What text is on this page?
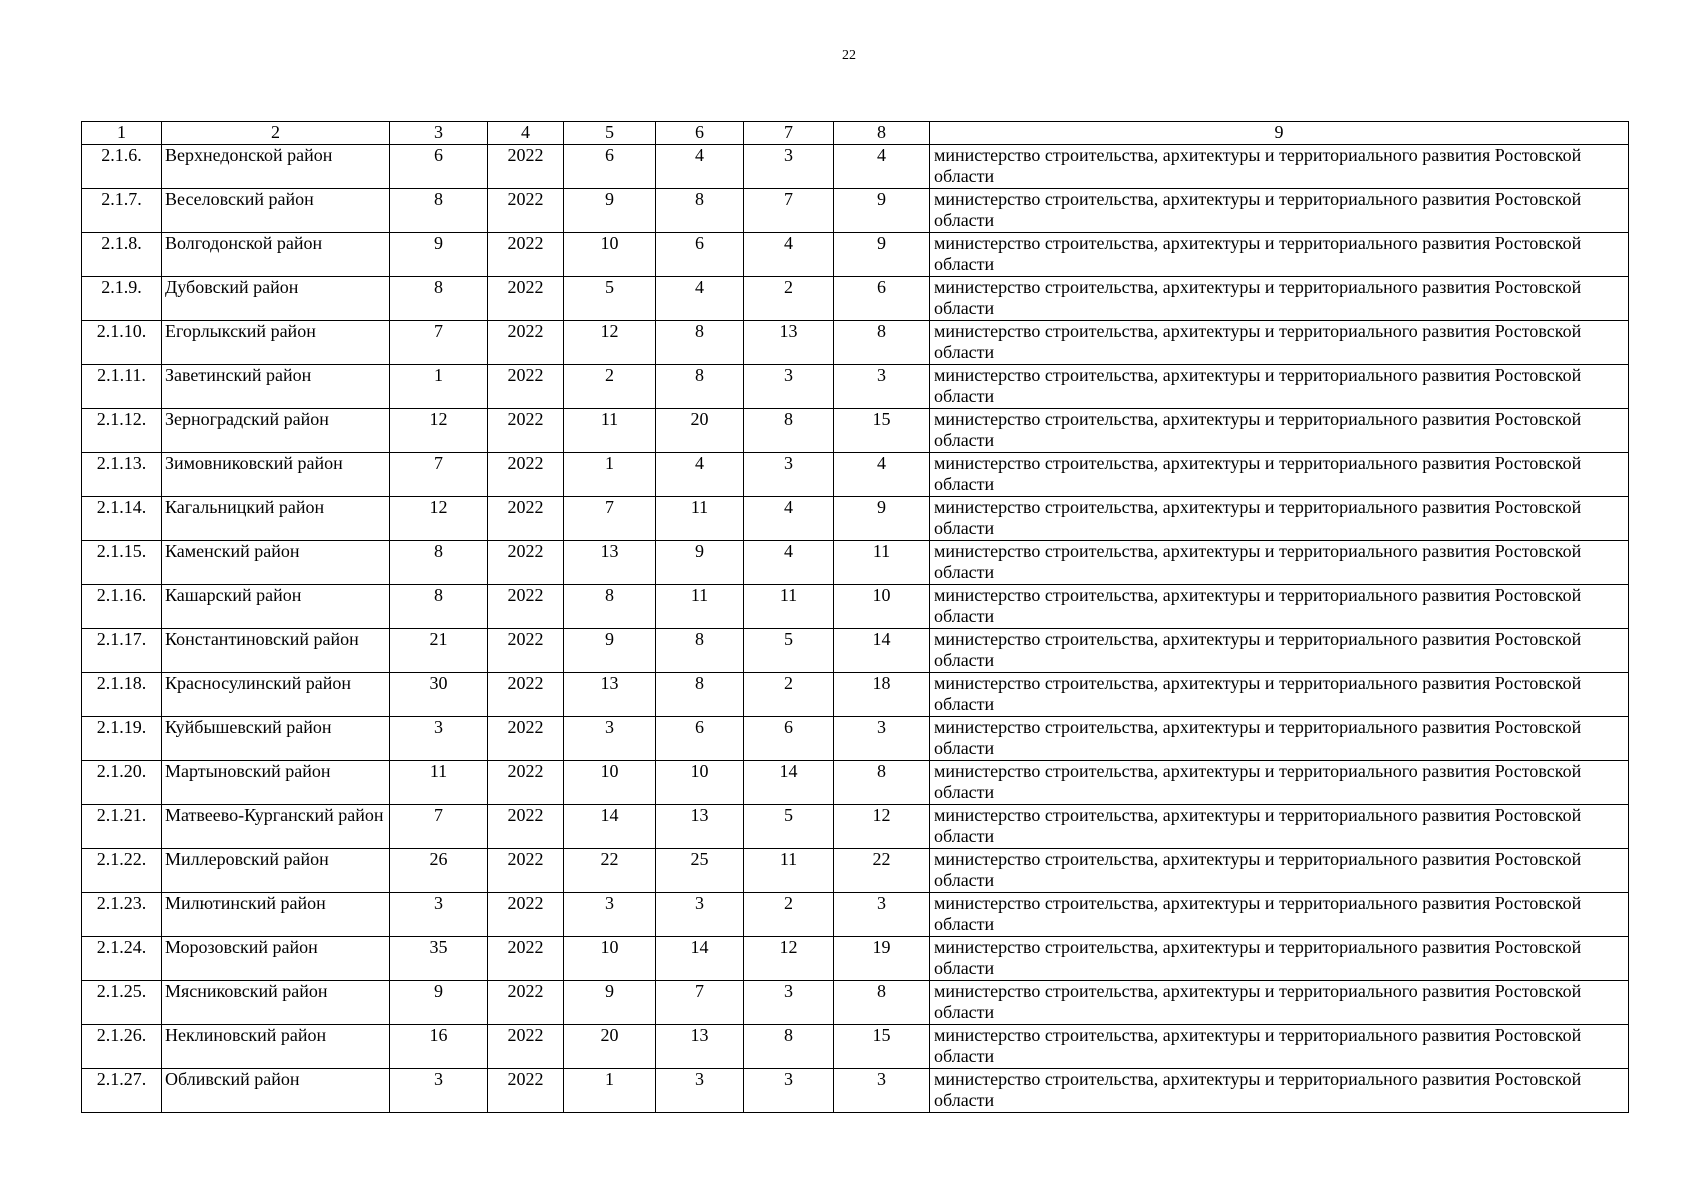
22
1	2	3	4	5	6	7	8	9
2.1.6.	Верхнедонской район	6	2022	6	4	3	4	министерство строительства, архитектуры и территориального развития Ростовской области
2.1.7.	Веселовский район	8	2022	9	8	7	9	министерство строительства, архитектуры и территориального развития Ростовской области
2.1.8.	Волгодонской район	9	2022	10	6	4	9	министерство строительства, архитектуры и территориального развития Ростовской области
2.1.9.	Дубовский район	8	2022	5	4	2	6	министерство строительства, архитектуры и территориального развития Ростовской области
2.1.10.	Егорлыкский район	7	2022	12	8	13	8	министерство строительства, архитектуры и территориального развития Ростовской области
2.1.11.	Заветинский район	1	2022	2	8	3	3	министерство строительства, архитектуры и территориального развития Ростовской области
2.1.12.	Зерноградский район	12	2022	11	20	8	15	министерство строительства, архитектуры и территориального развития Ростовской области
2.1.13.	Зимовниковский район	7	2022	1	4	3	4	министерство строительства, архитектуры и территориального развития Ростовской области
2.1.14.	Кагальницкий район	12	2022	7	11	4	9	министерство строительства, архитектуры и территориального развития Ростовской области
2.1.15.	Каменский район	8	2022	13	9	4	11	министерство строительства, архитектуры и территориального развития Ростовской области
2.1.16.	Кашарский район	8	2022	8	11	11	10	министерство строительства, архитектуры и территориального развития Ростовской области
2.1.17.	Константиновский район	21	2022	9	8	5	14	министерство строительства, архитектуры и территориального развития Ростовской области
2.1.18.	Красносулинский район	30	2022	13	8	2	18	министерство строительства, архитектуры и территориального развития Ростовской области
2.1.19.	Куйбышевский район	3	2022	3	6	6	3	министерство строительства, архитектуры и территориального развития Ростовской области
2.1.20.	Мартыновский район	11	2022	10	10	14	8	министерство строительства, архитектуры и территориального развития Ростовской области
2.1.21.	Матвеево-Курганский район	7	2022	14	13	5	12	министерство строительства, архитектуры и территориального развития Ростовской области
2.1.22.	Миллеровский район	26	2022	22	25	11	22	министерство строительства, архитектуры и территориального развития Ростовской области
2.1.23.	Милютинский район	3	2022	3	3	2	3	министерство строительства, архитектуры и территориального развития Ростовской области
2.1.24.	Морозовский район	35	2022	10	14	12	19	министерство строительства, архитектуры и территориального развития Ростовской области
2.1.25.	Мясниковский район	9	2022	9	7	3	8	министерство строительства, архитектуры и территориального развития Ростовской области
2.1.26.	Неклиновский район	16	2022	20	13	8	15	министерство строительства, архитектуры и территориального развития Ростовской области
2.1.27.	Обливский район	3	2022	1	3	3	3	министерство строительства, архитектуры и территориального развития Ростовской области
